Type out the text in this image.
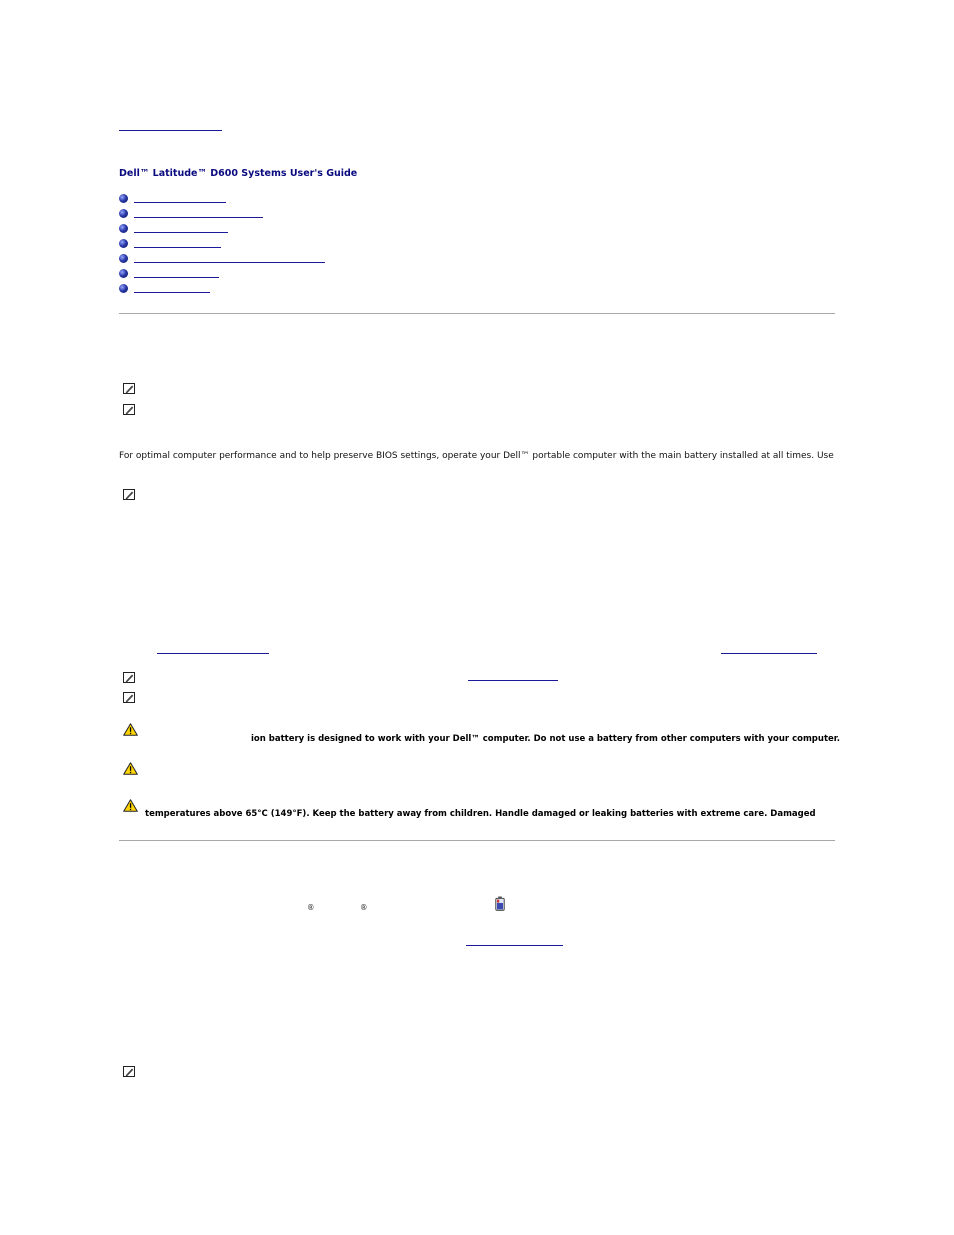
Dell™ Latitude™ D600 Systems User's Guide
For optimal computer performance and to help preserve BIOS settings, operate your Dell™ portable computer with the main battery installed at all times. Use
ion battery is designed to work with your Dell™ computer. Do not use a battery from other computers with your computer.
temperatures above 65°C (149°F). Keep the battery away from children. Handle damaged or leaking batteries with extreme care. Damaged
®	®
